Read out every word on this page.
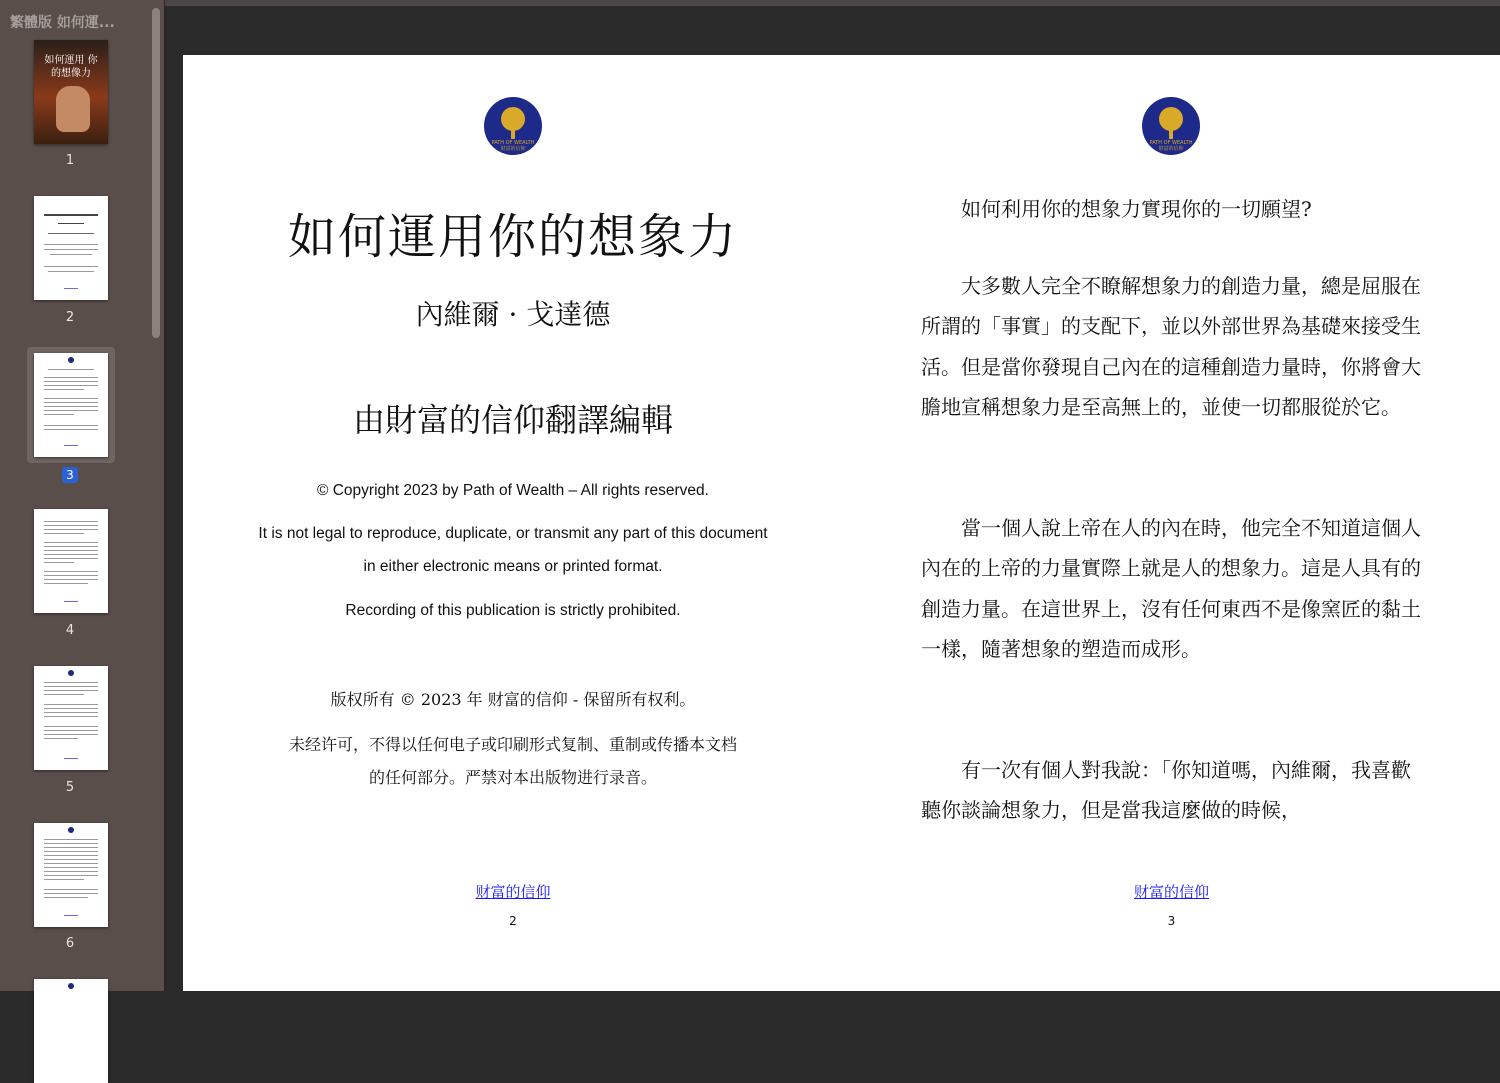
繁體版 如何運...
如何運用 你的想像力
1
2
3
4
5
6
PATH OF WEALTH
財富的信仰
如何運用你的想象力
內維爾 · 戈達德
由財富的信仰翻譯編輯
© Copyright 2023 by Path of Wealth – All rights reserved.
It is not legal to reproduce, duplicate, or transmit any part of this document
in either electronic means or printed format.
Recording of this publication is strictly prohibited.
版权所有 © 2023 年 财富的信仰 - 保留所有权利。
未经许可，不得以任何电子或印刷形式复制、重制或传播本文档
的任何部分。严禁对本出版物进行录音。
财富的信仰
2
PATH OF WEALTH
財富的信仰
如何利用你的想象力實現你的一切願望?
大多數人完全不瞭解想象力的創造力量，總是屈服在所謂的「事實」的支配下，並以外部世界為基礎來接受生活。但是當你發現自己內在的這種創造力量時，你將會大膽地宣稱想象力是至高無上的，並使一切都服從於它。
當一個人說上帝在人的內在時，他完全不知道這個人內在的上帝的力量實際上就是人的想象力。這是人具有的創造力量。在這世界上，沒有任何東西不是像窯匠的黏土一樣，隨著想象的塑造而成形。
有一次有個人對我說：「你知道嗎，內維爾，我喜歡聽你談論想象力，但是當我這麼做的時候，
财富的信仰
3
